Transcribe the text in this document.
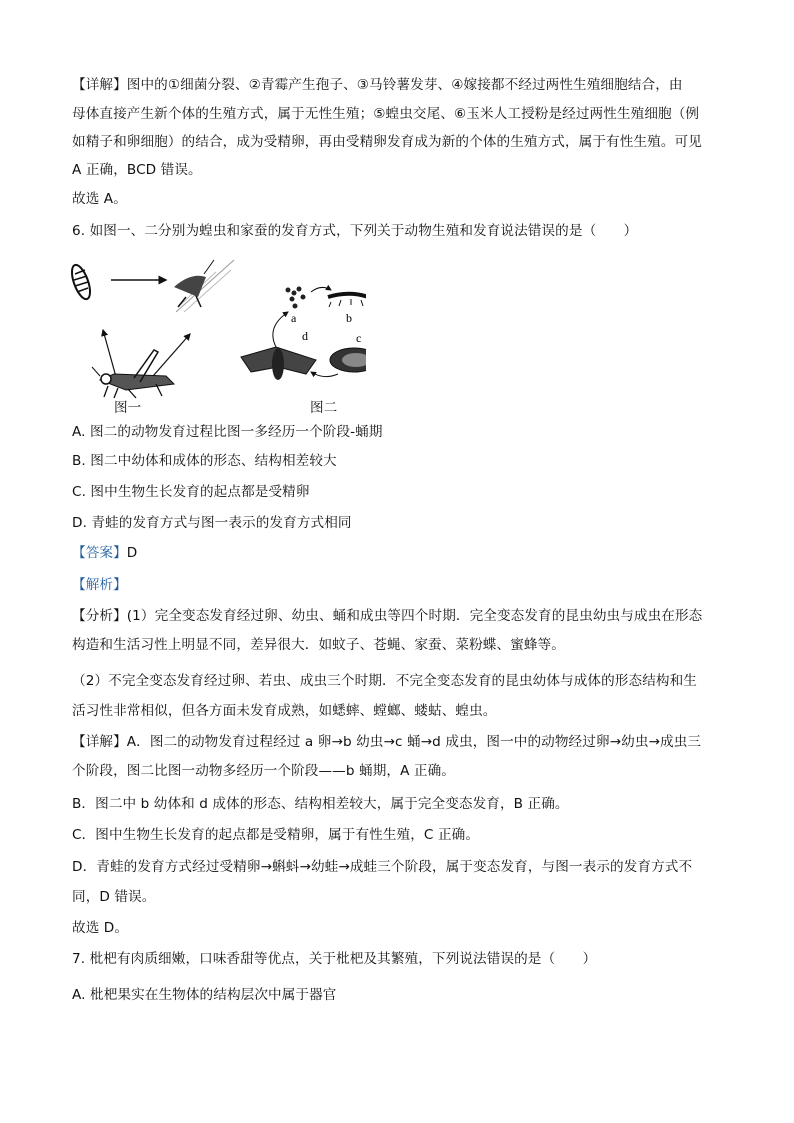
【详解】图中的①细菌分裂、②青霉产生孢子、③马铃薯发芽、④嫁接都不经过两性生殖细胞结合，由
母体直接产生新个体的生殖方式，属于无性生殖；⑤蝗虫交尾、⑥玉米人工授粉是经过两性生殖细胞（例
如精子和卵细胞）的结合，成为受精卵，再由受精卵发育成为新的个体的生殖方式，属于有性生殖。可见
A 正确，BCD 错误。
故选 A。
6. 如图一、二分别为蝗虫和家蚕的发育方式，下列关于动物生殖和发育说法错误的是（　　）
a	b
c
d
图一	图二
A. 图二的动物发育过程比图一多经历一个阶段-蛹期
B. 图二中幼体和成体的形态、结构相差较大
C. 图中生物生长发育的起点都是受精卵
D. 青蛙的发育方式与图一表示的发育方式相同
【答案】D
【解析】
【分析】(1）完全变态发育经过卵、幼虫、蛹和成虫等四个时期．完全变态发育的昆虫幼虫与成虫在形态
构造和生活习性上明显不同，差异很大．如蚊子、苍蝇、家蚕、菜粉蝶、蜜蜂等。
（2）不完全变态发育经过卵、若虫、成虫三个时期．不完全变态发育的昆虫幼体与成体的形态结构和生
活习性非常相似，但各方面未发育成熟，如蟋蟀、螳螂、蝼蛄、蝗虫。
【详解】A．图二的动物发育过程经过 a 卵→b 幼虫→c 蛹→d 成虫，图一中的动物经过卵→幼虫→成虫三
个阶段，图二比图一动物多经历一个阶段——b 蛹期，A 正确。
B．图二中 b 幼体和 d 成体的形态、结构相差较大，属于完全变态发育，B 正确。
C．图中生物生长发育的起点都是受精卵，属于有性生殖，C 正确。
D．青蛙的发育方式经过受精卵→蝌蚪→幼蛙→成蛙三个阶段，属于变态发育，与图一表示的发育方式不
同，D 错误。
故选 D。
7. 枇杷有肉质细嫩，口味香甜等优点，关于枇杷及其繁殖，下列说法错误的是（　　）
A. 枇杷果实在生物体的结构层次中属于器官
